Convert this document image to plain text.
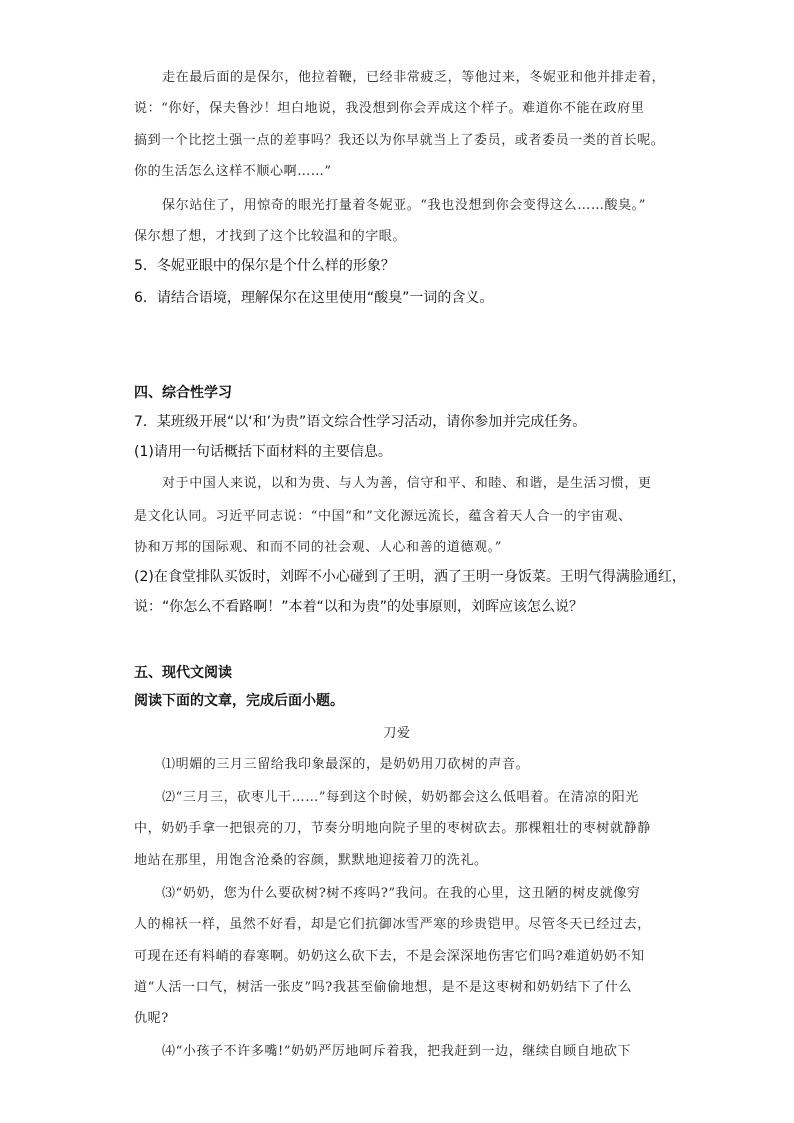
走在最后面的是保尔，他拉着鞭，已经非常疲乏，等他过来，冬妮亚和他并排走着，
说：“你好，保夫鲁沙！坦白地说，我没想到你会弄成这个样子。难道你不能在政府里
搞到一个比挖土强一点的差事吗？我还以为你早就当上了委员，或者委员一类的首长呢。
你的生活怎么这样不顺心啊……”
保尔站住了，用惊奇的眼光打量着冬妮亚。“我也没想到你会变得这么……酸臭。”
保尔想了想，才找到了这个比较温和的字眼。
5．冬妮亚眼中的保尔是个什么样的形象？
6．请结合语境，理解保尔在这里使用“酸臭”一词的含义。
四、综合性学习
7．某班级开展“以‘和’为贵”语文综合性学习活动，请你参加并完成任务。
(1)请用一句话概括下面材料的主要信息。
对于中国人来说，以和为贵、与人为善，信守和平、和睦、和谐，是生活习惯，更
是文化认同。习近平同志说：“中国“和”文化源远流长，蕴含着天人合一的宇宙观、
协和万邦的国际观、和而不同的社会观、人心和善的道德观。”
(2)在食堂排队买饭时，刘晖不小心碰到了王明，洒了王明一身饭菜。王明气得满脸通红，
说：“你怎么不看路啊！”本着“以和为贵”的处事原则，刘晖应该怎么说？
五、现代文阅读
阅读下面的文章，完成后面小题。
刀爱
⑴明媚的三月三留给我印象最深的，是奶奶用刀砍树的声音。
⑵“三月三，砍枣儿干……”每到这个时候，奶奶都会这么低唱着。在清凉的阳光
中，奶奶手拿一把银亮的刀，节奏分明地向院子里的枣树砍去。那棵粗壮的枣树就静静
地站在那里，用饱含沧桑的容颜，默默地迎接着刀的洗礼。
⑶“奶奶，您为什么要砍树?树不疼吗?”我问。在我的心里，这丑陋的树皮就像穷
人的棉袄一样，虽然不好看，却是它们抗御冰雪严寒的珍贵铠甲。尽管冬天已经过去，
可现在还有料峭的春寒啊。奶奶这么砍下去，不是会深深地伤害它们吗?难道奶奶不知
道“人活一口气，树活一张皮”吗?我甚至偷偷地想，是不是这枣树和奶奶结下了什么
仇呢?
⑷“小孩子不许多嘴!”奶奶严厉地呵斥着我，把我赶到一边，继续自顾自地砍下
